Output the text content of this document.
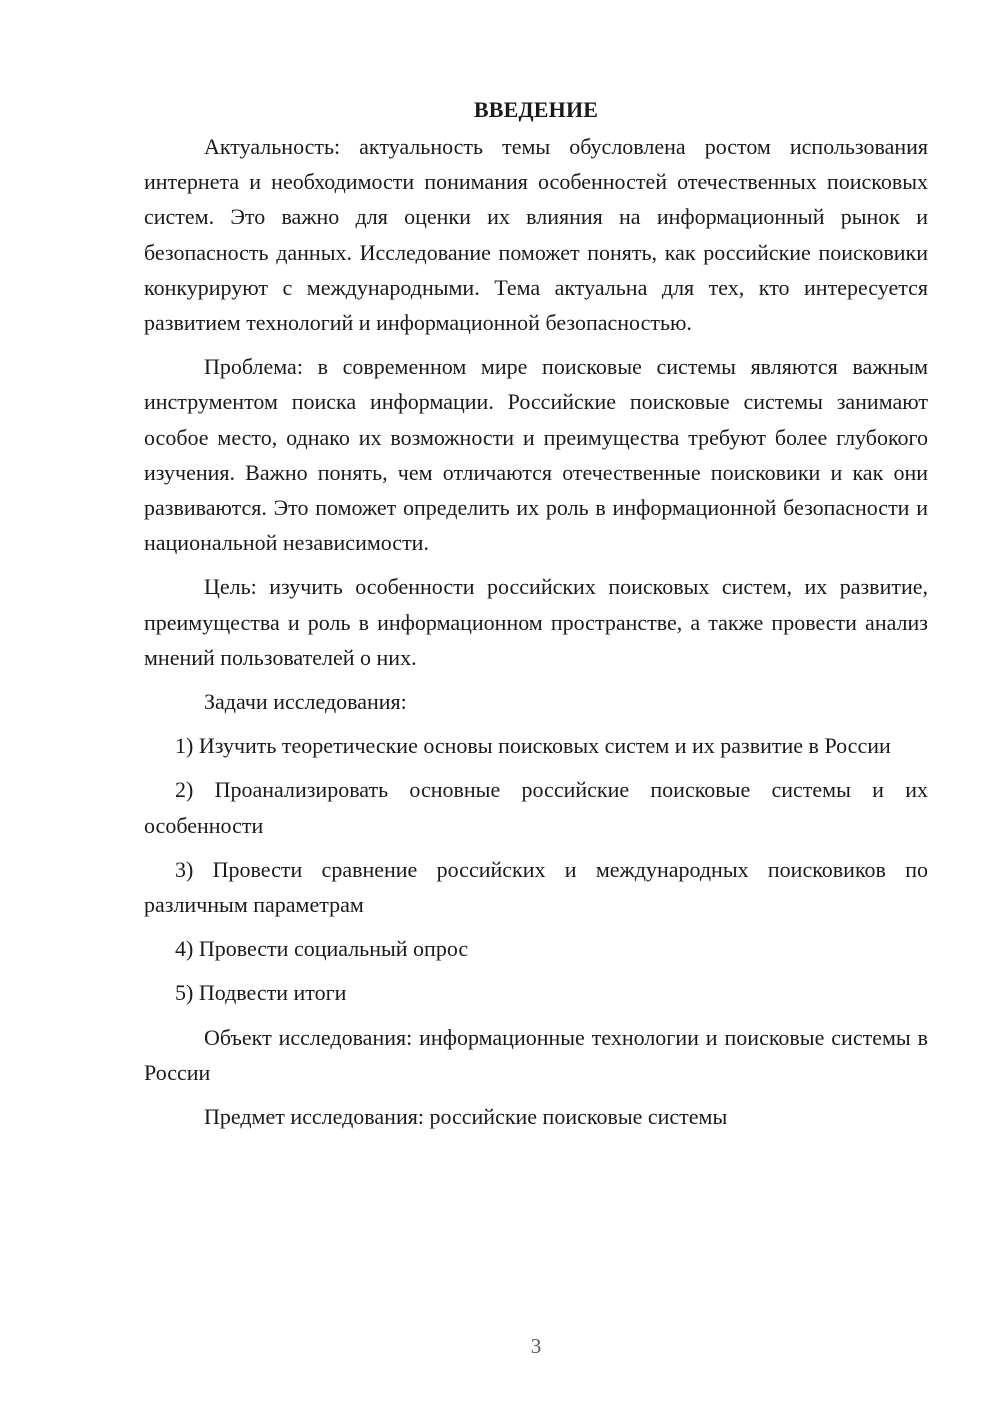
ВВЕДЕНИЕ

Актуальность: актуальность темы обусловлена ростом использования интернета и необходимости понимания особенностей отечественных поисковых систем. Это важно для оценки их влияния на информационный рынок и безопасность данных. Исследование поможет понять, как российские поисковики конкурируют с международными. Тема актуальна для тех, кто интересуется развитием технологий и информационной безопасностью.

Проблема: в современном мире поисковые системы являются важным инструментом поиска информации. Российские поисковые системы занимают особое место, однако их возможности и преимущества требуют более глубокого изучения. Важно понять, чем отличаются отечественные поисковики и как они развиваются. Это поможет определить их роль в информационной безопасности и национальной независимости.

Цель: изучить особенности российских поисковых систем, их развитие, преимущества и роль в информационном пространстве, а также провести анализ мнений пользователей о них.

Задачи исследования:

1) Изучить теоретические основы поисковых систем и их развитие в России

2) Проанализировать основные российские поисковые системы и их особенности

3) Провести сравнение российских и международных поисковиков по различным параметрам

4) Провести социальный опрос

5) Подвести итоги

Объект исследования: информационные технологии и поисковые системы в России

Предмет исследования: российские поисковые системы

3
